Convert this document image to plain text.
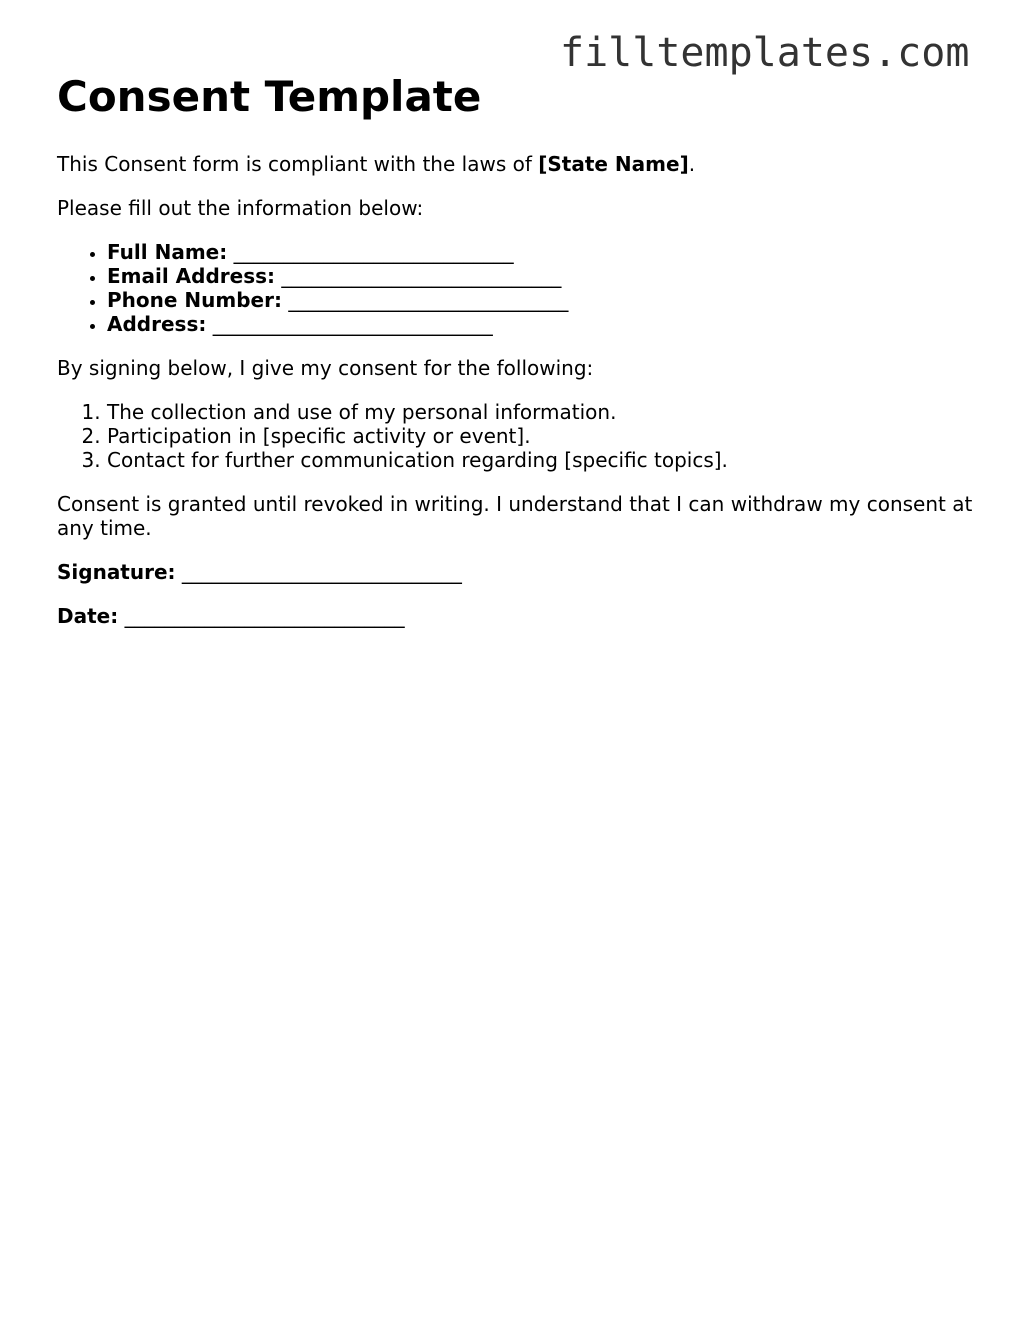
filltemplates.com
Consent Template

This Consent form is compliant with the laws of [State Name].

Please fill out the information below:

• Full Name: ____________________________
• Email Address: ____________________________
• Phone Number: ____________________________
• Address: ____________________________

By signing below, I give my consent for the following:

1. The collection and use of my personal information.
2. Participation in [specific activity or event].
3. Contact for further communication regarding [specific topics].

Consent is granted until revoked in writing. I understand that I can withdraw my consent at any time.

Signature: ____________________________

Date: ____________________________
